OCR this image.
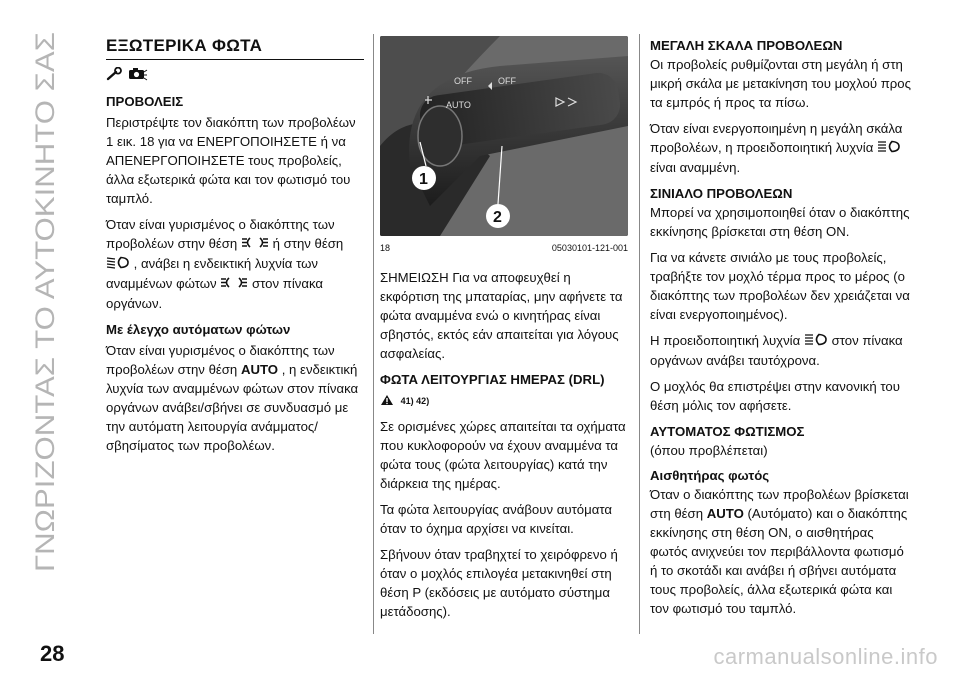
ΓΝΩΡΙΖΟΝΤΑΣ ΤΟ ΑΥΤΟΚΙΝΗΤΟ ΣΑΣ
ΕΞΩΤΕΡΙΚΑ ΦΩΤΑ

ΠΡΟΒΟΛΕΙΣ

Περιστρέψτε τον διακόπτη των προβολέων 1 εικ. 18 για να ΕΝΕΡΓΟΠΟΙΗΣΕΤΕ ή να ΑΠΕΝΕΡΓΟΠΟΙΗΣΕΤΕ τους προβολείς, άλλα εξωτερικά φώτα και τον φωτισμό του ταμπλό.

Όταν είναι γυρισμένος ο διακόπτης των προβολέων στην θέση	ή στην θέση  , ανάβει η ενδεικτική λυχνία των αναμμένων φώτων	στον πίνακα οργάνων.

Με έλεγχο αυτόματων φώτων

Όταν είναι γυρισμένος ο διακόπτης των προβολέων στην θέση AUTO , η ενδεικτική λυχνία των αναμμένων φώτων στον πίνακα οργάνων ανάβει/σβήνει σε συνδυασμό με την αυτόματη λειτουργία ανάμματος/σβησίματος των προβολέων.

OFF	OFF
AUTO
1
2
18	05030101-121-001

ΣΗΜΕΙΩΣΗ Για να αποφευχθεί η εκφόρτιση της μπαταρίας, μην αφήνετε τα φώτα αναμμένα ενώ ο κινητήρας είναι σβηστός, εκτός εάν απαιτείται για λόγους ασφαλείας.

ΦΩΤΑ ΛΕΙΤΟΥΡΓΙΑΣ ΗΜΕΡΑΣ (DRL)
41) 42)

Σε ορισμένες χώρες απαιτείται τα οχήματα που κυκλοφορούν να έχουν αναμμένα τα φώτα τους (φώτα λειτουργίας) κατά την διάρκεια της ημέρας.

Τα φώτα λειτουργίας ανάβουν αυτόματα όταν το όχημα αρχίσει να κινείται.

Σβήνουν όταν τραβηχτεί το χειρόφρενο ή όταν ο μοχλός επιλογέα μετακινηθεί στη θέση P (εκδόσεις με αυτόματο σύστημα μετάδοσης).

ΜΕΓΑΛΗ ΣΚΑΛΑ ΠΡΟΒΟΛΕΩΝ

Οι προβολείς ρυθμίζονται στη μεγάλη ή στη μικρή σκάλα με μετακίνηση του μοχλού προς τα εμπρός ή προς τα πίσω.

Όταν είναι ενεργοποιημένη η μεγάλη σκάλα προβολέων, η προειδοποιητική λυχνία  είναι αναμμένη.

ΣΙΝΙΑΛΟ ΠΡΟΒΟΛΕΩΝ

Μπορεί να χρησιμοποιηθεί όταν ο διακόπτης εκκίνησης βρίσκεται στη θέση ON.

Για να κάνετε σινιάλο με τους προβολείς, τραβήξτε τον μοχλό τέρμα προς το μέρος (ο διακόπτης των προβολέων δεν χρειάζεται να είναι ενεργοποιημένος).

Η προειδοποιητική λυχνία στον πίνακα οργάνων ανάβει ταυτόχρονα.

Ο μοχλός θα επιστρέψει στην κανονική του θέση μόλις τον αφήσετε.

ΑΥΤΟΜΑΤΟΣ ΦΩΤΙΣΜΟΣ
(όπου προβλέπεται)
Αισθητήρας φωτός

Όταν ο διακόπτης των προβολέων βρίσκεται στη θέση AUTO (Αυτόματο) και ο διακόπτης εκκίνησης στη θέση ON, ο αισθητήρας φωτός ανιχνεύει τον περιβάλλοντα φωτισμό ή το σκοτάδι και ανάβει ή σβήνει αυτόματα τους προβολείς, άλλα εξωτερικά φώτα και τον φωτισμό του ταμπλό.

28	carmanualsonline.info
